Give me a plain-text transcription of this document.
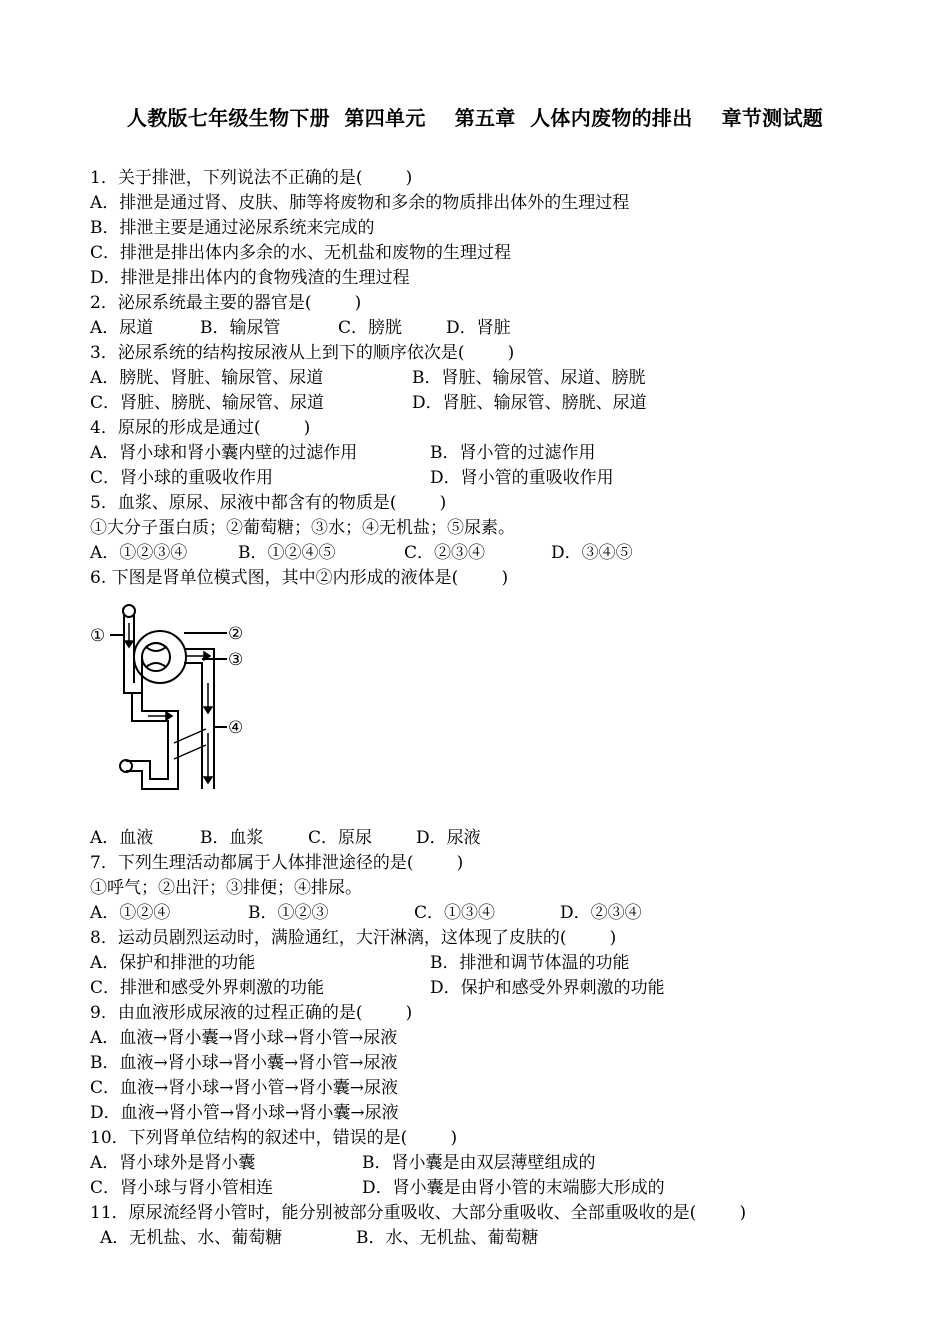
人教版七年级生物下册  第四单元    第五章  人体内废物的排出    章节测试题
1．关于排泄，下列说法不正确的是(        )
A．排泄是通过肾、皮肤、肺等将废物和多余的物质排出体外的生理过程
B．排泄主要是通过泌尿系统来完成的
C．排泄是排出体内多余的水、无机盐和废物的生理过程
D．排泄是排出体内的食物残渣的生理过程
2．泌尿系统最主要的器官是(        )

A．尿道

	B．输尿管

	C．膀胱

	D．肾脏

3．泌尿系统的结构按尿液从上到下的顺序依次是(        )

A．膀胱、肾脏、输尿管、尿道

	B．肾脏、输尿管、尿道、膀胱

C．肾脏、膀胱、输尿管、尿道

	D．肾脏、输尿管、膀胱、尿道

4．原尿的形成是通过(        )

A．肾小球和肾小囊内壁的过滤作用

	B．肾小管的过滤作用

C．肾小球的重吸收作用

	D．肾小管的重吸收作用

5．血浆、原尿、尿液中都含有的物质是(        )
①大分子蛋白质；②葡萄糖；③水；④无机盐；⑤尿素。

A．①②③④

	B．①②④⑤

	C．②③④

	D．③④⑤

6. 下图是肾单位模式图，其中②内形成的液体是(        )
①	②
③
④

A．血液

	B．血浆

	C．原尿

	D．尿液

7．下列生理活动都属于人体排泄途径的是(        )
①呼气；②出汗；③排便；④排尿。

A．①②④

	B．①②③

	C．①③④

	D．②③④

8．运动员剧烈运动时，满脸通红，大汗淋漓，这体现了皮肤的(        )

A．保护和排泄的功能

	B．排泄和调节体温的功能

C．排泄和感受外界刺激的功能

	D．保护和感受外界刺激的功能

9．由血液形成尿液的过程正确的是(        )
A．血液→肾小囊→肾小球→肾小管→尿液
B．血液→肾小球→肾小囊→肾小管→尿液
C．血液→肾小球→肾小管→肾小囊→尿液
D．血液→肾小管→肾小球→肾小囊→尿液
10．下列肾单位结构的叙述中，错误的是(        )

A．肾小球外是肾小囊

	B．肾小囊是由双层薄壁组成的

C．肾小球与肾小管相连

	D．肾小囊是由肾小管的末端膨大形成的

11．原尿流经肾小管时，能分别被部分重吸收、大部分重吸收、全部重吸收的是(        )

A．无机盐、水、葡萄糖

	B．水、无机盐、葡萄糖
